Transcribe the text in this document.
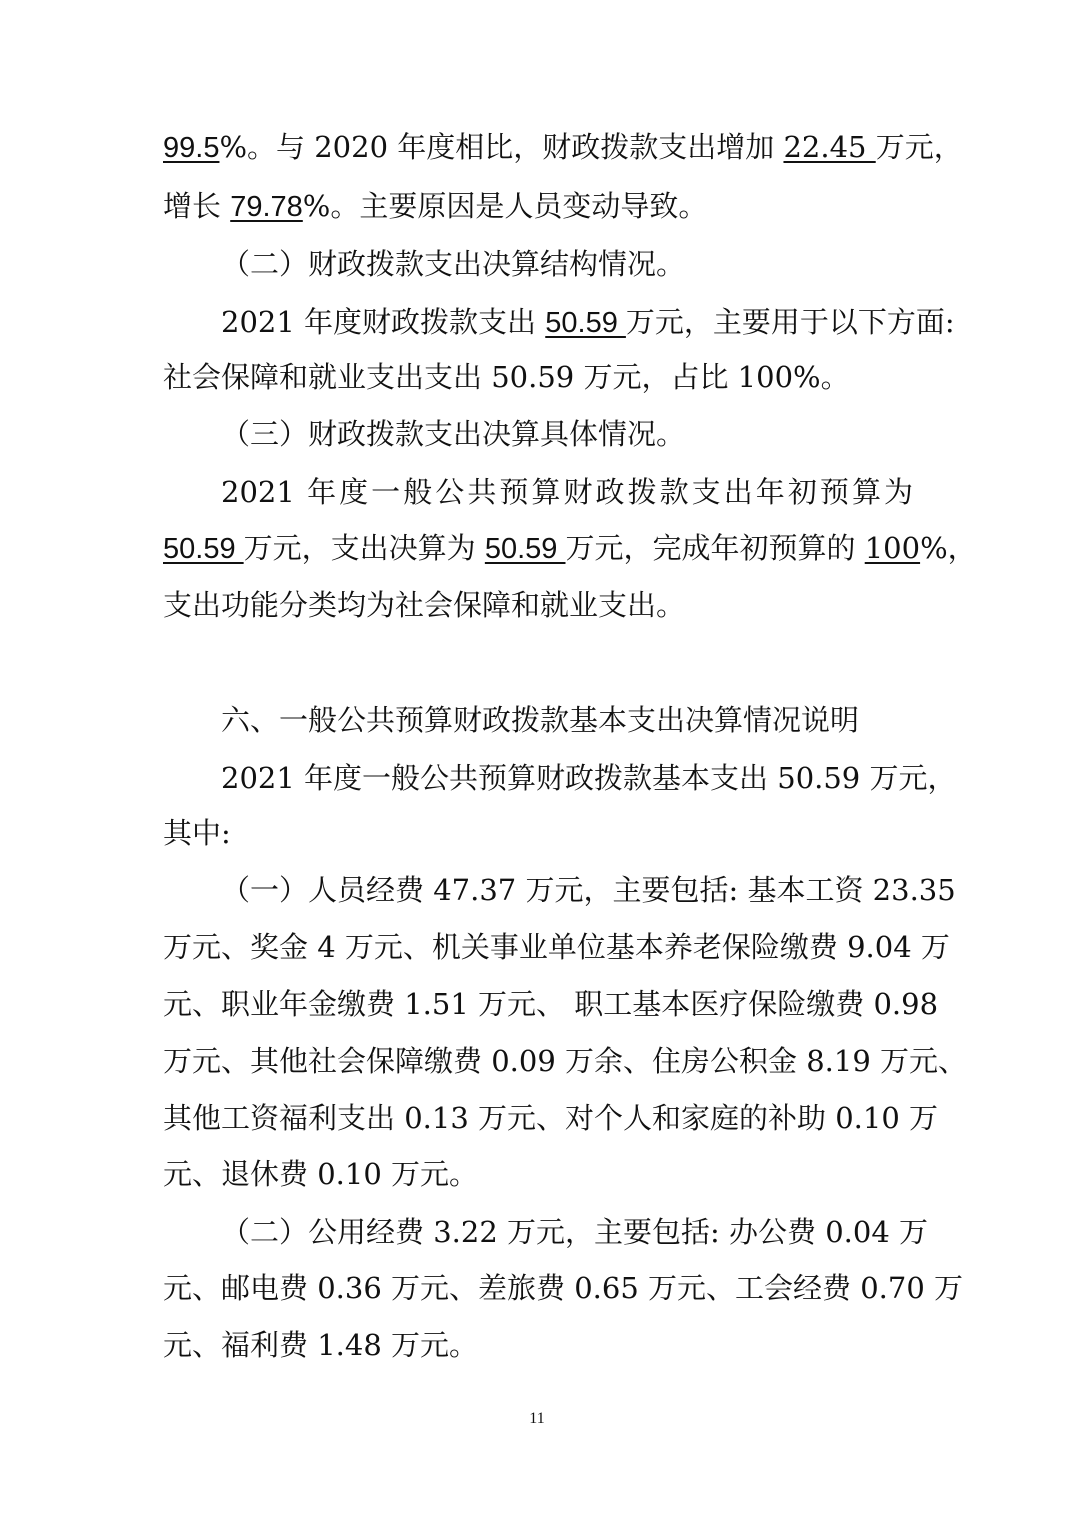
99.5%。与 2020 年度相比，财政拨款支出增加 22.45 万元，
增长 79.78%。主要原因是人员变动导致。
（二）财政拨款支出决算结构情况。
2021 年度财政拨款支出 50.59 万元，主要用于以下方面:
社会保障和就业支出支出 50.59 万元，占比 100%。
（三）财政拨款支出决算具体情况。
2021 年度一般公共预算财政拨款支出年初预算为
50.59 万元，支出决算为 50.59 万元，完成年初预算的 100%，
支出功能分类均为社会保障和就业支出。
六、一般公共预算财政拨款基本支出决算情况说明
2021 年度一般公共预算财政拨款基本支出 50.59 万元，
其中:
（一）人员经费 47.37 万元，主要包括: 基本工资 23.35
万元、奖金 4 万元、机关事业单位基本养老保险缴费 9.04 万
元、职业年金缴费 1.51 万元、 职工基本医疗保险缴费 0.98
万元、其他社会保障缴费 0.09 万余、住房公积金 8.19 万元、
其他工资福利支出 0.13 万元、对个人和家庭的补助 0.10 万
元、退休费 0.10 万元。
（二）公用经费 3.22 万元，主要包括: 办公费 0.04 万
元、邮电费 0.36 万元、差旅费 0.65 万元、工会经费 0.70 万
元、福利费 1.48 万元。
11
